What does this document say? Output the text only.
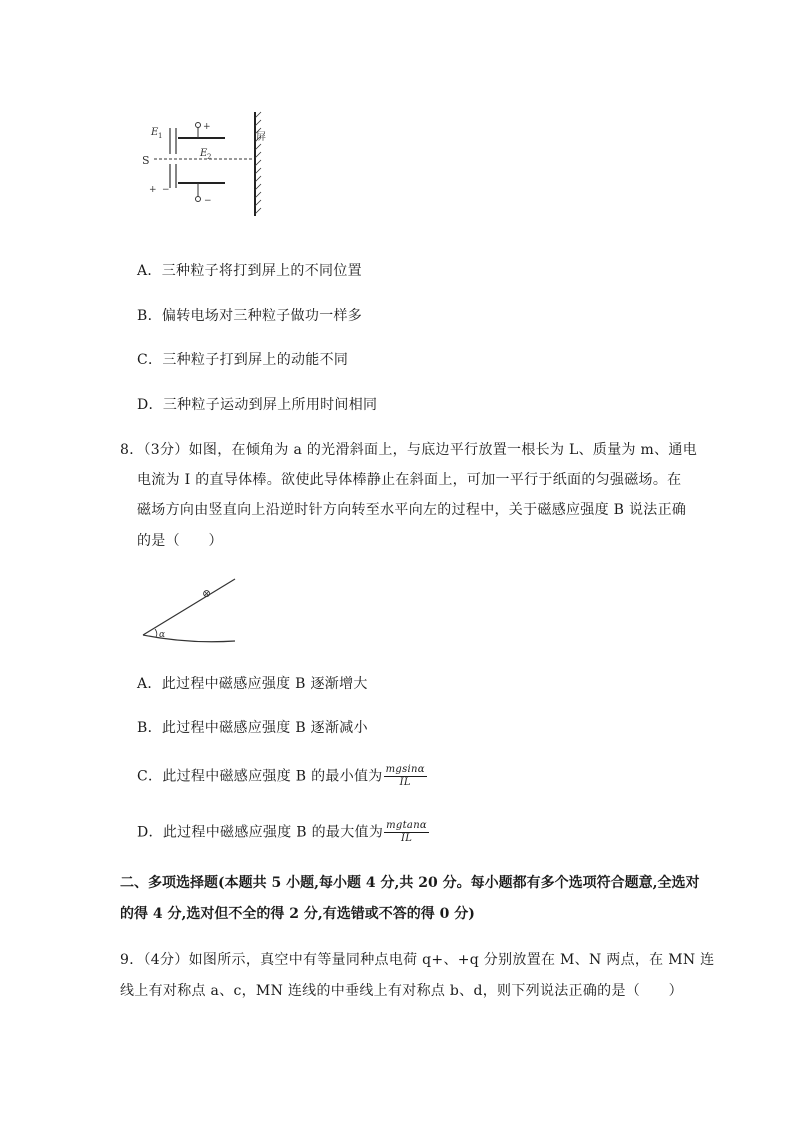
E 1
S
+ −
+
−
E 2
屏
A．三种粒子将打到屏上的不同位置
B．偏转电场对三种粒子做功一样多
C．三种粒子打到屏上的动能不同
D．三种粒子运动到屏上所用时间相同
8．（3分）如图，在倾角为 a 的光滑斜面上，与底边平行放置一根长为 L、质量为 m、通电
电流为 I 的直导体棒。欲使此导体棒静止在斜面上，可加一平行于纸面的匀强磁场。在
磁场方向由竖直向上沿逆时针方向转至水平向左的过程中，关于磁感应强度 B 说法正确
的是（　　）
α
⊗
A．此过程中磁感应强度 B 逐渐增大
B．此过程中磁感应强度 B 逐渐减小
C．此过程中磁感应强度 B 的最小值为 $\frac{mgsin\alpha}{IL}$
D．此过程中磁感应强度 B 的最大值为 $\frac{mgtan\alpha}{IL}$
二、多项选择题(本题共 5 小题,每小题 4 分,共 20 分。每小题都有多个选项符合题意,全选对
的得 4 分,选对但不全的得 2 分,有选错或不答的得 0 分)
9．（4分）如图所示，真空中有等量同种点电荷 q+、+q 分别放置在 M、N 两点，在 MN 连
线上有对称点 a、c，MN 连线的中垂线上有对称点 b、d，则下列说法正确的是（　　）
